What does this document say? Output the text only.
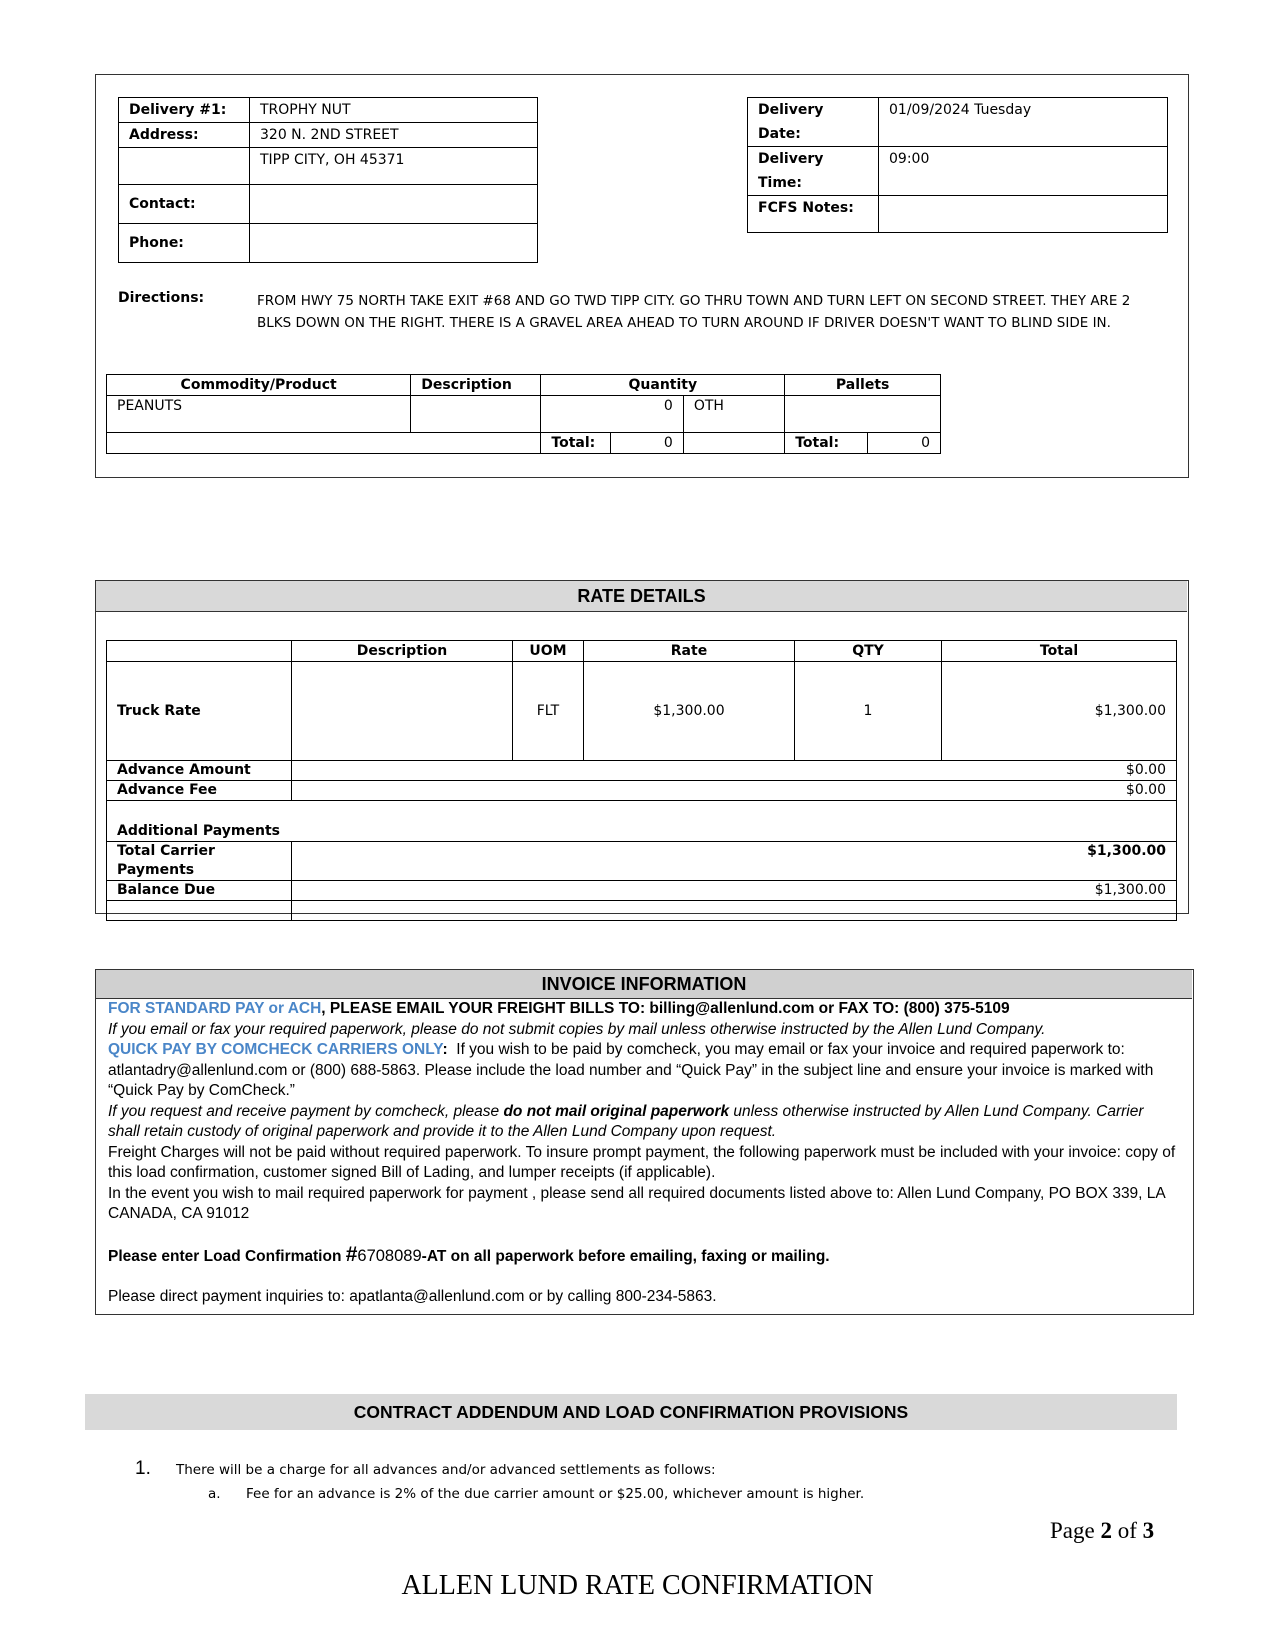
Delivery #1:	TROPHY NUT
Address:	320 N. 2ND STREET
	TIPP CITY, OH 45371
Contact:	
Phone:	
Delivery Date:	01/09/2024 Tuesday
Delivery Time:	09:00
FCFS Notes:	
Directions:	FROM HWY 75 NORTH TAKE EXIT #68 AND GO TWD TIPP CITY. GO THRU TOWN AND TURN LEFT ON SECOND STREET. THEY ARE 2 BLKS DOWN ON THE RIGHT. THERE IS A GRAVEL AREA AHEAD TO TURN AROUND IF DRIVER DOESN'T WANT TO BLIND SIDE IN.
Commodity/Product	Description	Quantity			Pallets	
PEANUTS		0		OTH		
		Total:	0		Total:	0
RATE DETAILS
	Description	UOM	Rate	QTY	Total
Truck Rate		FLT	$1,300.00	1	$1,300.00
Advance Amount	$0.00				
Advance Fee	$0.00				
Additional Payments					
Total Carrier Payments	$1,300.00				
Balance Due	$1,300.00				

INVOICE INFORMATION
FOR STANDARD PAY or ACH, PLEASE EMAIL YOUR FREIGHT BILLS TO: billing@allenlund.com or FAX TO: (800) 375-5109
If you email or fax your required paperwork, please do not submit copies by mail unless otherwise instructed by the Allen Lund Company.
QUICK PAY BY COMCHECK CARRIERS ONLY: If you wish to be paid by comcheck, you may email or fax your invoice and required paperwork to: atlantadry@allenlund.com or (800) 688-5863. Please include the load number and “Quick Pay” in the subject line and ensure your invoice is marked with “Quick Pay by ComCheck.”
If you request and receive payment by comcheck, please do not mail original paperwork unless otherwise instructed by Allen Lund Company. Carrier shall retain custody of original paperwork and provide it to the Allen Lund Company upon request.
Freight Charges will not be paid without required paperwork. To insure prompt payment, the following paperwork must be included with your invoice: copy of this load confirmation, customer signed Bill of Lading, and lumper receipts (if applicable).
In the event you wish to mail required paperwork for payment , please send all required documents listed above to: Allen Lund Company, PO BOX 339, LA CANADA, CA 91012
Please enter Load Confirmation #6708089-AT on all paperwork before emailing, faxing or mailing.
Please direct payment inquiries to: apatlanta@allenlund.com or by calling 800-234-5863.
CONTRACT ADDENDUM AND LOAD CONFIRMATION PROVISIONS
1. There will be a charge for all advances and/or advanced settlements as follows:
a. Fee for an advance is 2% of the due carrier amount or $25.00, whichever amount is higher.
Page 2 of 3
ALLEN LUND RATE CONFIRMATION
